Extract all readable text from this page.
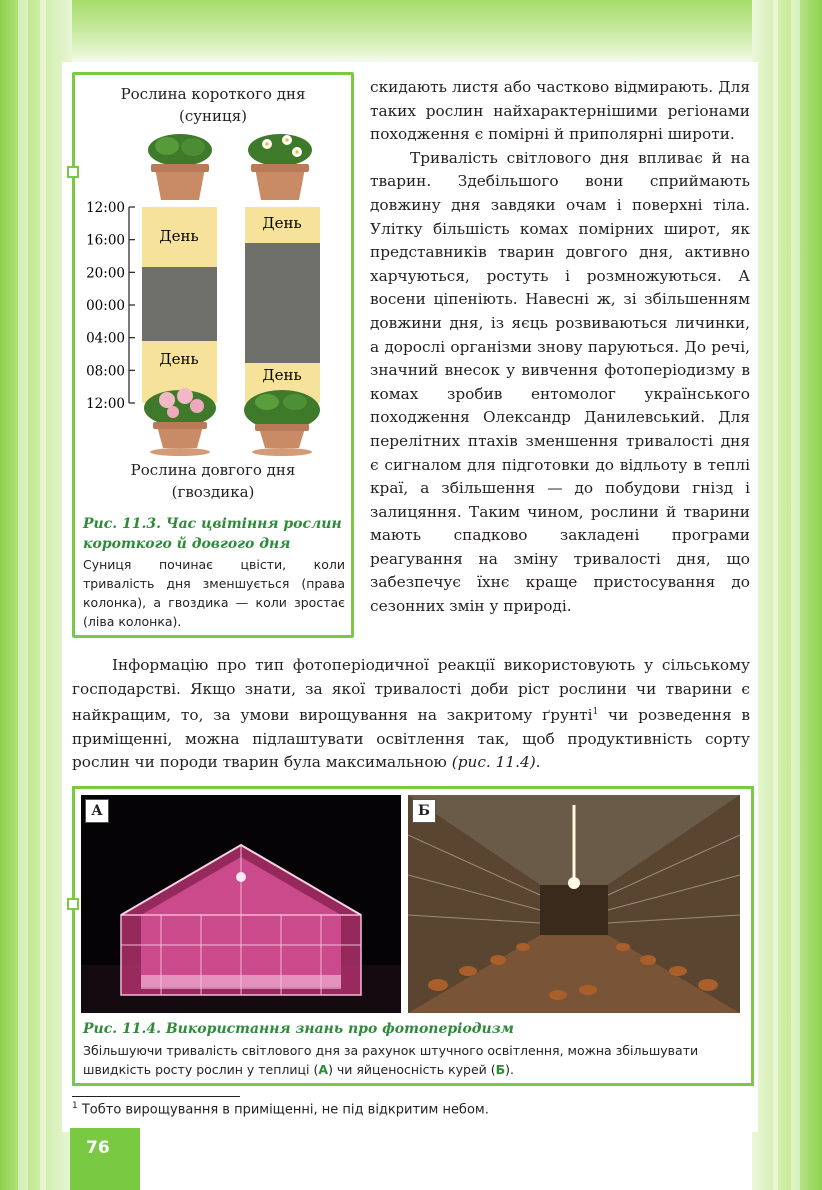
Рослина короткого дня
(суниця)
День
День
День
День
12:00
16:00
20:00
00:00
04:00
08:00
12:00
Рослина довгого дня
(гвоздика)
Рис. 11.3. Час цвітіння рослин короткого й довгого дня
Суниця починає цвісти, коли тривалість дня зменшується (права колонка), а гвоздика — коли зростає (ліва колонка).

скидають листя або частково відмирають. Для таких рослин найхарактернішими регіонами походження є помірні й приполярні широти.

Тривалість світлового дня впливає й на тварин. Здебільшого вони сприймають довжину дня завдяки очам і поверхні тіла. Улітку більшість комах помірних широт, як представників тварин довгого дня, активно харчуються, ростуть і розмножуються. А восени ціпеніють. Навесні ж, зі збільшенням довжини дня, із яєць розвиваються личинки, а дорослі організми знову паруються. До речі, значний внесок у вивчення фотоперіодизму в комах зробив ентомолог українського походження Олександр Данилевський. Для перелітних птахів зменшення тривалості дня є сигналом для підготовки до відльоту в теплі краї, а збільшення — до побудови гнізд і залицяння. Таким чином, рослини й тварини мають спадково закладені програми реагування на зміну тривалості дня, що забезпечує їхнє краще пристосування до сезонних змін у природі.

Інформацію про тип фотоперіодичної реакції використовують у сільському господарстві. Якщо знати, за якої тривалості доби ріст рослини чи тварини є найкращим, то, за умови вирощування на закритому ґрунті$^1$ чи розведення в приміщенні, можна підлаштувати освітлення так, щоб продуктивність сорту рослин чи породи тварин була максимальною (рис. 11.4).

А	Б
Рис. 11.4. Використання знань про фотоперіодизм
Збільшуючи тривалість світлового дня за рахунок штучного освітлення, можна збільшувати швидкість росту рослин у теплиці (А) чи яйценосність курей (Б).
$^1$ Тобто вирощування в приміщенні, не під відкритим небом.
76
